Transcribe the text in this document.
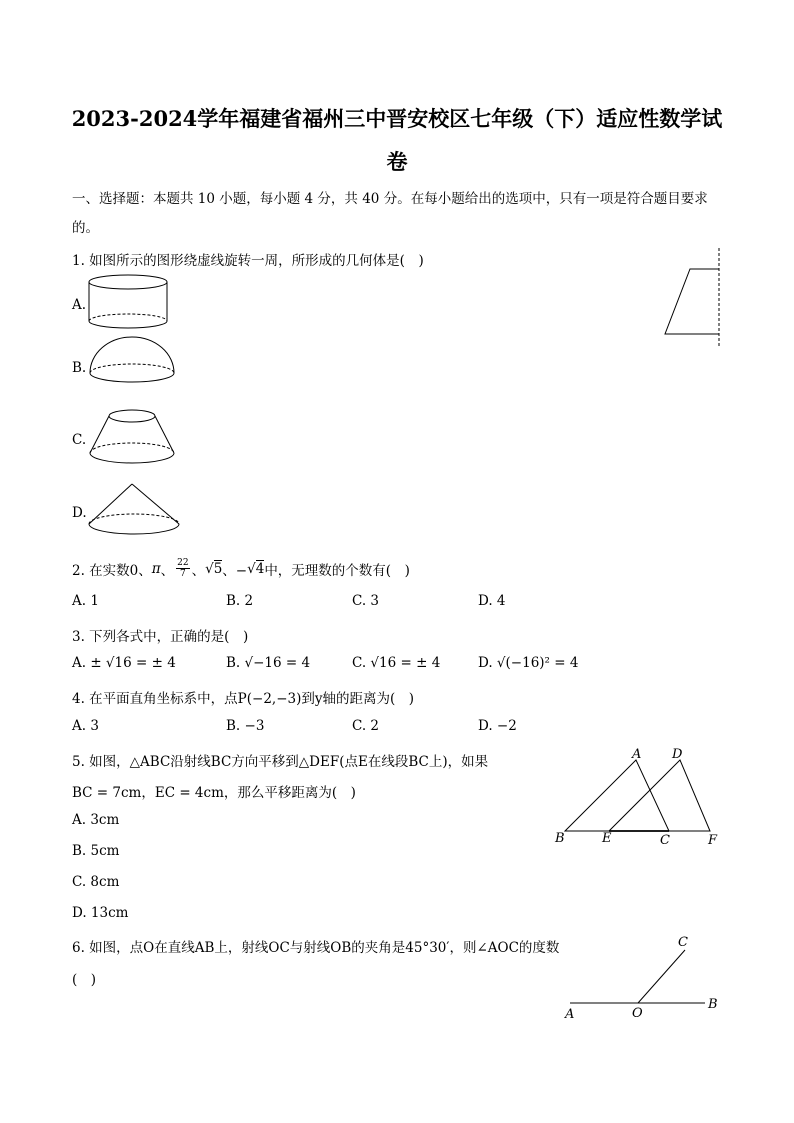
2023-2024学年福建省福州三中晋安校区七年级（下）适应性数学试
卷
一、选择题：本题共 10 小题，每小题 4 分，共 40 分。在每小题给出的选项中，只有一项是符合题目要求
的。
1. 如图所示的图形绕虚线旋转一周，所形成的几何体是(　)
A.
B.
C.
D.
2. 在实数0、 π 、 $\frac{22}{7}$ 、 √5 、− √4 中，无理数的个数有(　)
A. 1	B. 2	C. 3	D. 4
3. 下列各式中，正确的是(　)
A. ± √16 = ± 4	B. √−16 = 4	C. √16 = ± 4	D. √(−16)² = 4
4. 在平面直角坐标系中，点P(−2,−3)到y轴的距离为(　)
A. 3	B. −3	C. 2	D. −2
5. 如图，△ABC沿射线BC方向平移到△DEF(点E在线段BC上)，如果
BC = 7cm，EC = 4cm，那么平移距离为(　)
A. 3cm
B. 5cm
C. 8cm
D. 13cm
A D
B	E	C	F
6. 如图，点O在直线AB上，射线OC与射线OB的夹角是45°30′，则∠AOC的度数
(　)
C
A	O
B
